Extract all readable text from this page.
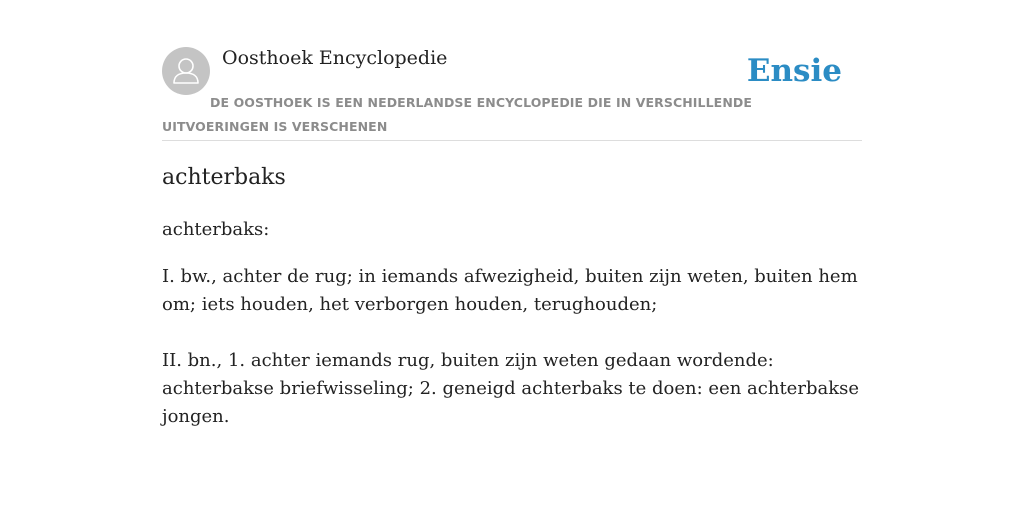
Oosthoek Encyclopedie	Ensie
DE OOSTHOEK IS EEN NEDERLANDSE ENCYCLOPEDIE DIE IN VERSCHILLENDE UITVOERINGEN IS VERSCHENEN
achterbaks

achterbaks:

I. bw., achter de rug; in iemands afwezigheid, buiten zijn weten, buiten hem om; iets houden, het verborgen houden, terughouden;

II. bn., 1. achter iemands rug, buiten zijn weten gedaan wordende: achterbakse briefwisseling; 2. geneigd achterbaks te doen: een achterbakse jongen.
